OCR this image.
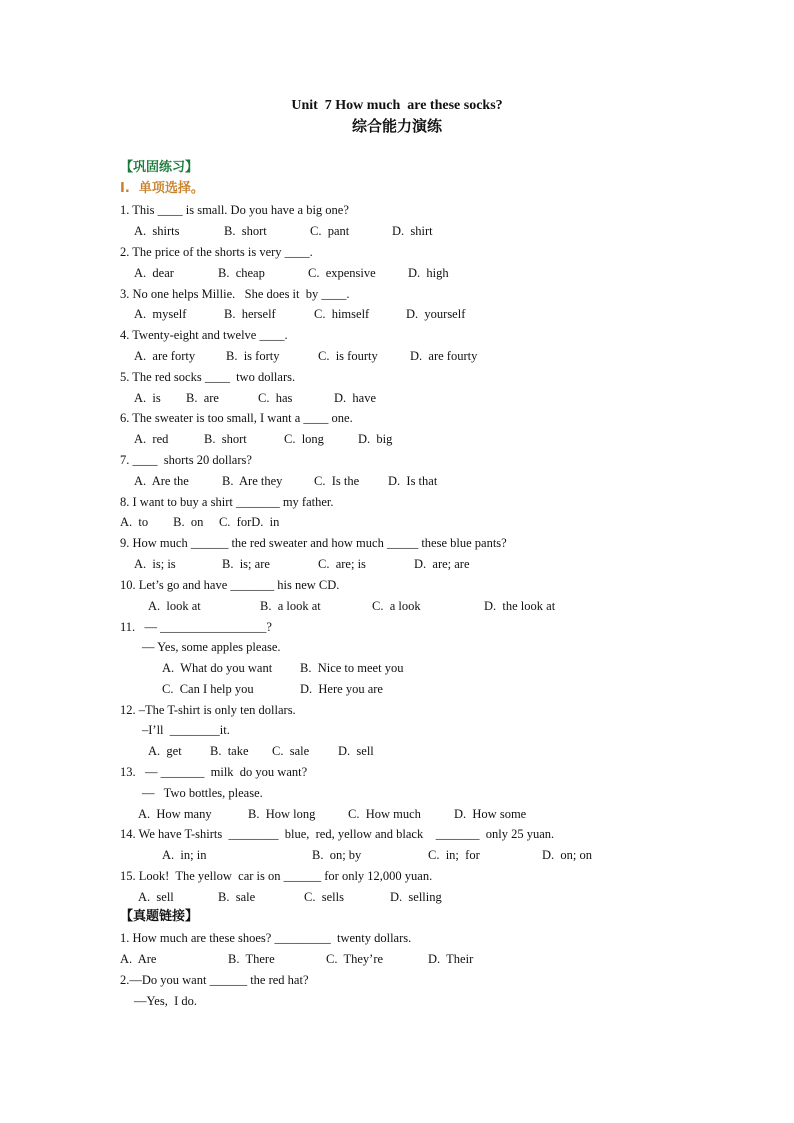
Unit  7 How much  are these socks?
综合能力演练
【巩固练习】
I.  单项选择。
1. This ____ is small. Do you have a big one?
A.  shirts	B.  short	C.  pant	D.  shirt
2. The price of the shorts is very ____.
A.  dear	B.  cheap	C.  expensive	D.  high
3. No one helps Millie.   She does it  by ____.
A.  myself	B.  herself	C.  himself	D.  yourself
4. Twenty-eight and twelve ____.
A.  are forty B.  is forty	C.  is fourty	D.  are fourty
5. The red socks ____  two dollars.
A.  is B.  are	C.  has	D.  have
6. The sweater is too small, I want a ____ one.
A.  red	B.  short	C.  long	D.  big
7. ____  shorts 20 dollars?
A.  Are the	B.  Are they	C.  Is the D.  Is that
8. I want to buy a shirt _______ my father.
A.  to        B.  on     C.  forD.  in
9. How much ______ the red sweater and how much _____ these blue pants?
A.  is; is	B.  is; are	C.  are; is	D.  are; are
10. Let’s go and have _______ his new CD.
A.  look at	B.  a look at	C.  a look	D.  the look at
11.   — _________________?
— Yes, some apples please.
A.  What do you want B.  Nice to meet you
C.  Can I help you	D.  Here you are
12. –The T-shirt is only ten dollars.
–I’ll  ________it.
A.  get B.  take C.  sale D.  sell
13.   — _______  milk  do you want?
—   Two bottles, please.
A.  How many	B.  How long	C.  How much	D.  How some
14. We have T-shirts  ________  blue,  red, yellow and black    _______  only 25 yuan.
A.  in; in	B.  on; by	C.  in;  for	D.  on; on
15. Look!  The yellow  car is on ______ for only 12,000 yuan.
A.  sell	B.  sale	C.  sells	D.  selling
【真题链接】
1. How much are these shoes? _________  twenty dollars.
A.  Are	B.  There	C.  They’re	D.  Their
2.—Do you want ______ the red hat?
—Yes,  I do.
